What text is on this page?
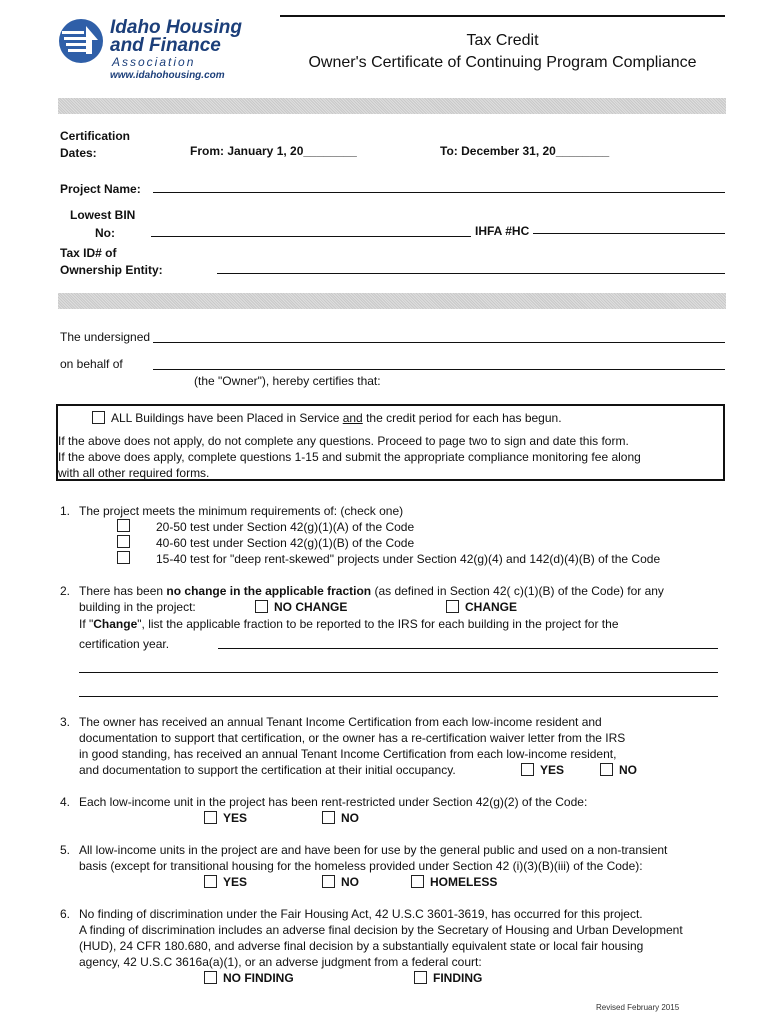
Idaho Housing
and Finance
Association
www.idahohousing.com
Tax Credit
Owner's Certificate of Continuing Program Compliance
Certification
Dates:	From: January 1, 20________	To: December 31, 20________
Project Name:
Lowest BIN
No:	IHFA #HC
Tax ID# of
Ownership Entity:
The undersigned
on behalf of
(the "Owner"), hereby certifies that:
ALL Buildings have been Placed in Service and the credit period for each has begun.
If the above does not apply, do not complete any questions. Proceed to page two to sign and date this form.
If the above does apply, complete questions 1-15 and submit the appropriate compliance monitoring fee along
with all other required forms.
1. The project meets the minimum requirements of: (check one)
20-50 test under Section 42(g)(1)(A) of the Code
40-60 test under Section 42(g)(1)(B) of the Code
15-40 test for "deep rent-skewed" projects under Section 42(g)(4) and 142(d)(4)(B) of the Code
2. There has been no change in the applicable fraction (as defined in Section 42( c)(1)(B) of the Code) for any
building in the project:	NO CHANGE	CHANGE
If "Change", list the applicable fraction to be reported to the IRS for each building in the project for the
certification year.
3. The owner has received an annual Tenant Income Certification from each low-income resident and
documentation to support that certification, or the owner has a re-certification waiver letter from the IRS
in good standing, has received an annual Tenant Income Certification from each low-income resident,
and documentation to support the certification at their initial occupancy.	YES	NO
4. Each low-income unit in the project has been rent-restricted under Section 42(g)(2) of the Code:
YES	NO
5. All low-income units in the project are and have been for use by the general public and used on a non-transient
basis (except for transitional housing for the homeless provided under Section 42 (i)(3)(B)(iii) of the Code):
YES	NO	HOMELESS
6. No finding of discrimination under the Fair Housing Act, 42 U.S.C 3601-3619, has occurred for this project.
A finding of discrimination includes an adverse final decision by the Secretary of Housing and Urban Development
(HUD), 24 CFR 180.680, and adverse final decision by a substantially equivalent state or local fair housing
agency, 42 U.S.C 3616a(a)(1), or an adverse judgment from a federal court:
NO FINDING	FINDING
Revised February 2015
